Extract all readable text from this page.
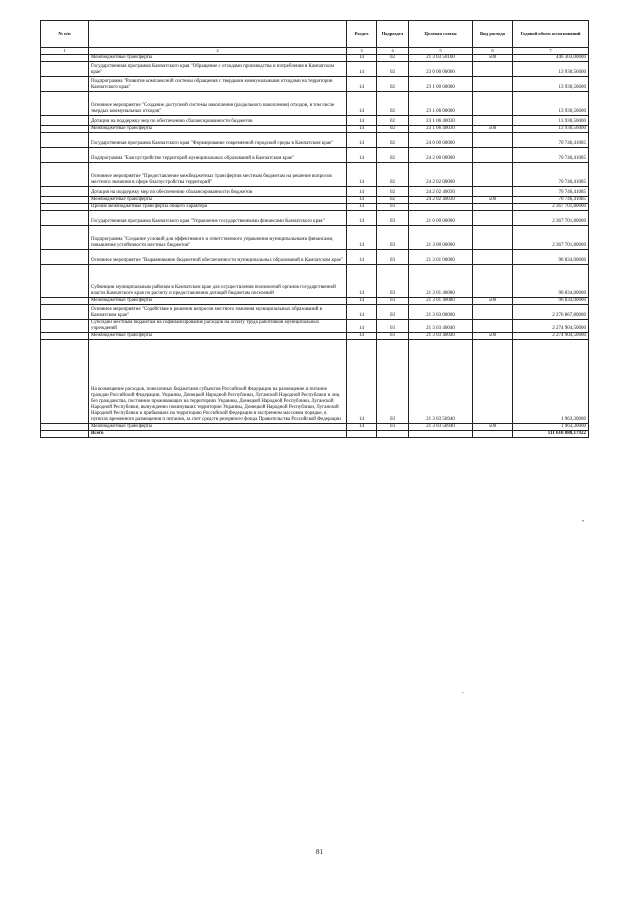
№ п/п		Раздел	Подраздел	Целевая статья	Вид расхода	Годовой объем ассигнований
1	2	3	4	5	6	7
	Межбюджетные трансферты	14	02	21 3 03 50100	500	446 303,00000
	Государственная программа Камчатского края "Обращение с отходами производства и потребления в Камчатском крае"	14	02	23 0 00 00000		13 930,56000
	Подпрограмма "Развитие комплексной системы обращения с твердыми коммунальными отходами на территории Камчатского края"	14	02	23 1 00 00000		13 930,56000
	Основное мероприятие "Создание доступной системы накопления (раздельного накопления) отходов, в том числе твердых коммунальных отходов"	14	02	23 1 06 00000		13 930,56000
	Дотации на поддержку мер по обеспечению сбалансированности бюджетов	14	02	23 1 06 40030		13 930,56000
	Межбюджетные трансферты	14	02	23 1 06 40030	500	13 930,56000
	Государственная программа Камчатского края "Формирование современной городской среды в Камчатском крае"	14	02	24 0 00 00000		70 746,41085
	Подпрограмма "Благоустройство территорий муниципальных образований в Камчатском крае"	14	02	24 2 00 00000		70 746,41085
	Основное мероприятие "Предоставление межбюджетных трансфертов местным бюджетам на решение вопросов местного значения в сфере благоустройства территорий"	14	02	24 2 02 00000		70 746,41085
	Дотация на поддержку мер по обеспечению сбалансированности бюджетов	14	02	24 2 02 40030		70 746,41085
	Межбюджетные трансферты	14	02	24 2 02 40030	500	70 746,41085
	Прочие межбюджетные трансферты общего характера	14	03			2 367 701,80000
	Государственная программа Камчатского края "Управление государственными финансами Камчатского края"	14	03	21 0 00 00000		2 367 701,80000
	Подпрограмма "Создание условий для эффективного и ответственного управления муниципальными финансами, повышения устойчивости местных бюджетов"	14	03	21 3 00 00000		2 367 701,80000
	Основное мероприятие "Выравнивание бюджетной обеспеченности муниципальных образований в Камчатском крае"	14	03	21 3 01 00000		90 834,00000
	Субвенции муниципальным районам в Камчатском крае для осуществления полномочий органов государственной власти Камчатского края по расчету и предоставлению дотаций бюджетам поселений	14	03	21 3 01 40080		90 834,00000
	Межбюджетные трансферты	14	03	21 3 01 40080	500	90 834,00000
	Основное мероприятие "Содействие в решении вопросов местного значения муниципальных образований в Камчатском крае"	14	03	21 3 03 00000		2 276 867,80000
	Субсидии местным бюджетам на софинансирование расходов на оплату труда работников муниципальных учреждений	14	03	21 3 03 40040		2 274 904,50000
	Межбюджетные трансферты	14	03	21 3 03 40040	500	2 274 904,50000
	На возмещение расходов, понесенных бюджетами субъектов Российской Федерации на размещение и питание граждан Российской Федерации, Украины, Донецкой Народной Республики, Луганской Народной Республики и лиц без гражданства, постоянно проживающих на территориях Украины, Донецкой Народной Республики, Луганской Народной Республики, вынужденно покинувших территории Украины, Донецкой Народной Республики, Луганской Народной Республики и прибывших на территорию Российской Федерации в экстренном массовом порядке, в пунктах временного размещения и питания, за счет средств резервного фонда Правительства Российской Федерации	14	03	21 3 03 56940		1 963,30000
	Межбюджетные трансферты	14	03	21 3 03 56940	500	1 963,30000
	Всего					111 610 880,17922
"
-
81
